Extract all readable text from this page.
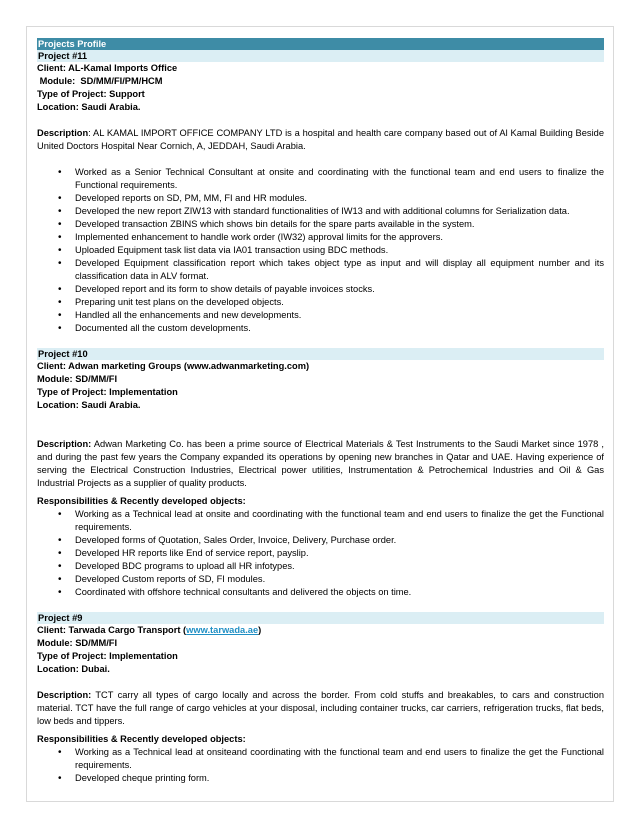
Projects Profile
Project #11
Client: AL-Kamal Imports Office
Module:  SD/MM/FI/PM/HCM
Type of Project: Support
Location: Saudi Arabia.
Description: AL KAMAL IMPORT OFFICE COMPANY LTD is a hospital and health care company based out of Al Kamal Building Beside United Doctors Hospital Near Cornich, A, JEDDAH, Saudi Arabia.
• Worked as a Senior Technical Consultant at onsite and coordinating with the functional team and end users to finalize the Functional requirements.
• Developed reports on SD, PM, MM, FI and HR modules.
• Developed the new report ZIW13 with standard functionalities of IW13 and with additional columns for Serialization data.
• Developed transaction ZBINS which shows bin details for the spare parts available in the system.
• Implemented enhancement to handle work order (IW32) approval limits for the approvers.
• Uploaded Equipment task list data via IA01 transaction using BDC methods.
• Developed Equipment classification report which takes object type as input and will display all equipment number and its classification data in ALV format.
• Developed report and its form to show details of payable invoices stocks.
• Preparing unit test plans on the developed objects.
• Handled all the enhancements and new developments.
• Documented all the custom developments.
Project #10
Client: Adwan marketing Groups (www.adwanmarketing.com)
Module: SD/MM/FI
Type of Project: Implementation
Location: Saudi Arabia.
Description: Adwan Marketing Co. has been a prime source of Electrical Materials & Test Instruments to the Saudi Market since 1978 , and during the past few years the Company expanded its operations by opening new branches in Qatar and UAE. Having experience of serving the Electrical Construction Industries, Electrical power utilities, Instrumentation & Petrochemical Industries and Oil & Gas Industrial Projects as a supplier of quality products.
Responsibilities & Recently developed objects:
• Working as a Technical lead at onsite and coordinating with the functional team and end users to finalize the get the Functional requirements.
• Developed forms of Quotation, Sales Order, Invoice, Delivery, Purchase order.
• Developed HR reports like End of service report, payslip.
• Developed BDC programs to upload all HR infotypes.
• Developed Custom reports of SD, FI modules.
• Coordinated with offshore technical consultants and delivered the objects on time.
Project #9
Client: Tarwada Cargo Transport (www.tarwada.ae)
Module: SD/MM/FI
Type of Project: Implementation
Location: Dubai.
Description: TCT carry all types of cargo locally and across the border. From cold stuffs and breakables, to cars and construction material. TCT have the full range of cargo vehicles at your disposal, including container trucks, car carriers, refrigeration trucks, flat beds, low beds and tippers.
Responsibilities & Recently developed objects:
• Working as a Technical lead at onsiteand coordinating with the functional team and end users to finalize the get the Functional requirements.
• Developed cheque printing form.
